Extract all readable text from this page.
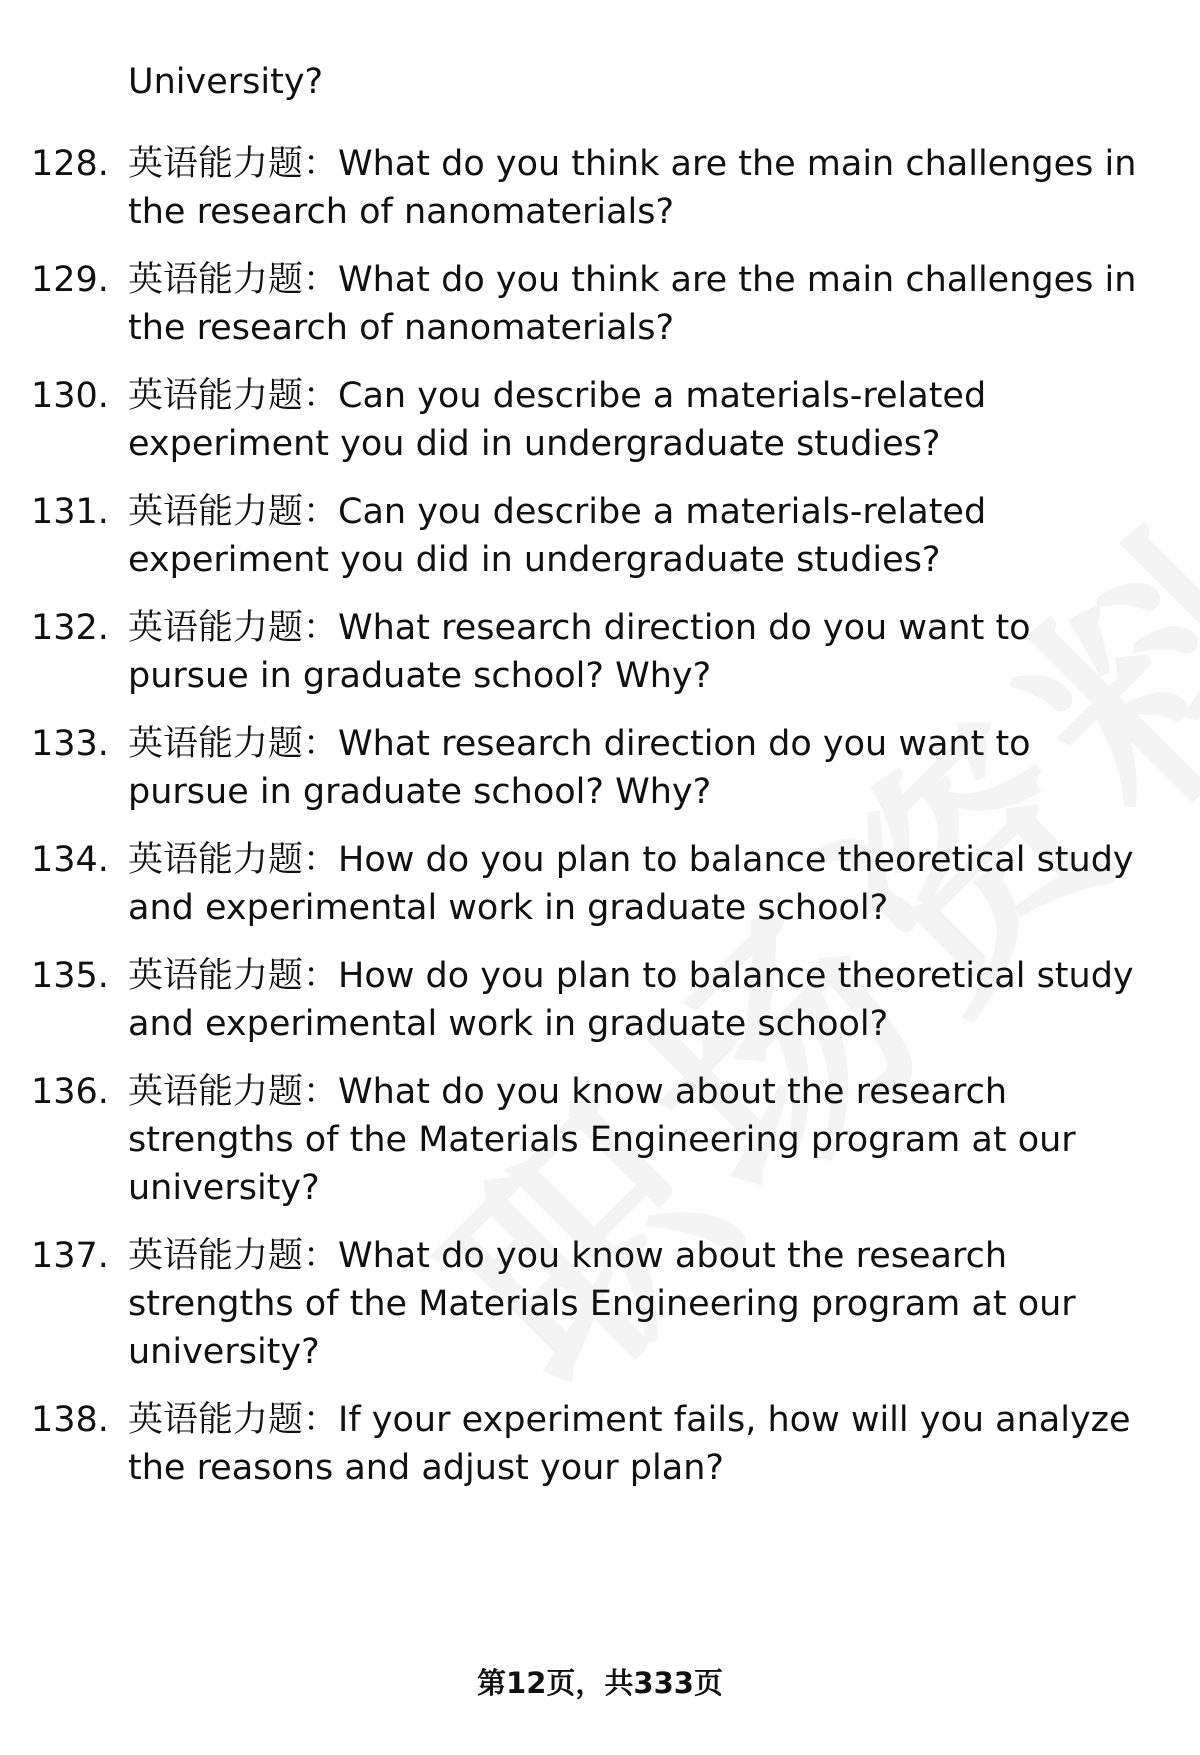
University?

128. 英语能力题：What do you think are the main challenges in the research of nanomaterials?
129. 英语能力题：What do you think are the main challenges in the research of nanomaterials?
130. 英语能力题：Can you describe a materials-related experiment you did in undergraduate studies?
131. 英语能力题：Can you describe a materials-related experiment you did in undergraduate studies?
132. 英语能力题：What research direction do you want to pursue in graduate school? Why?
133. 英语能力题：What research direction do you want to pursue in graduate school? Why?
134. 英语能力题：How do you plan to balance theoretical study and experimental work in graduate school?
135. 英语能力题：How do you plan to balance theoretical study and experimental work in graduate school?
136. 英语能力题：What do you know about the research strengths of the Materials Engineering program at our university?
137. 英语能力题：What do you know about the research strengths of the Materials Engineering program at our university?
138. 英语能力题：If your experiment fails, how will you analyze the reasons and adjust your plan?
第12页，共333页
